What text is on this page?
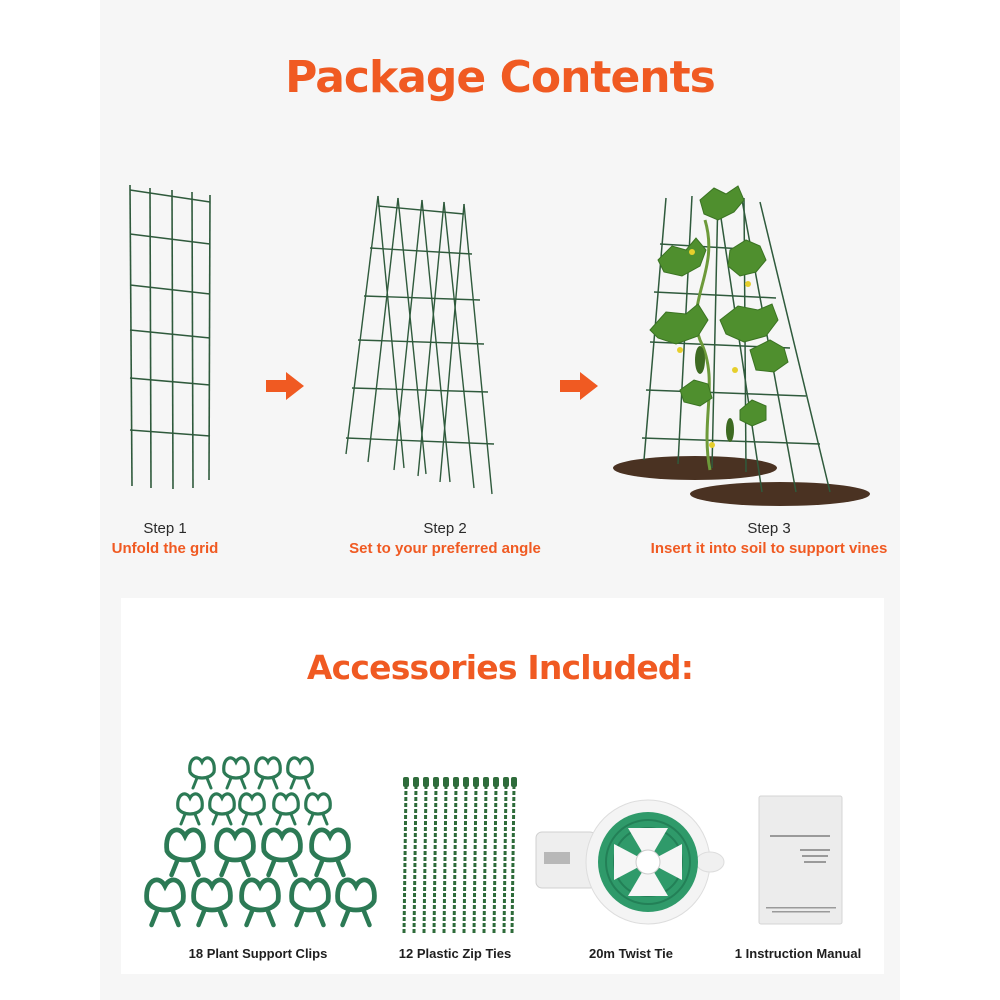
Package Contents
Step 1
Unfold the grid
Step 2
Set to your preferred angle
Step 3
Insert it into soil to support vines
Accessories Included:
18 Plant Support Clips	12 Plastic Zip Ties	20m Twist Tie	1 Instruction Manual
